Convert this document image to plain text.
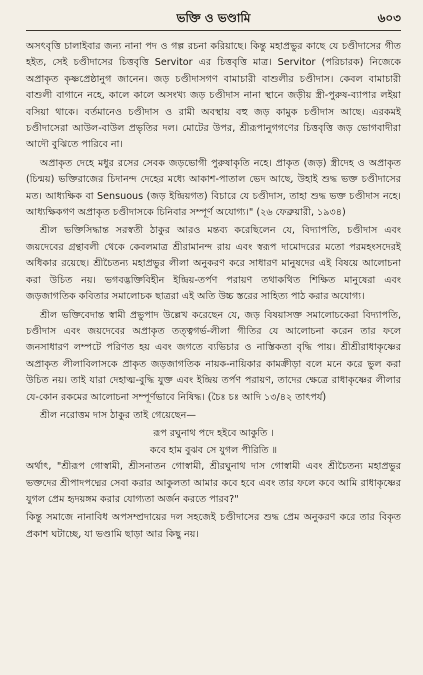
ভক্তি ও ভণ্ডামি	৬০৩

অসৎবৃত্তি চালাইবার জন্য নানা পদ ও গল্প রচনা করিয়াছে। কিন্তু মহাপ্রভুর কাছে যে চণ্ডীদাসের গীত হইত, সেই চণ্ডীদাসের চিত্তবৃত্তি Servitor এর চিত্তবৃত্তি মাত্র। Servitor (পরিচারক) নিজেকে অপ্রাকৃত কৃষ্ণপ্রেষ্ঠানুগ জানেন। জড় চণ্ডীদাসগণ বামাচারী বাশুলীর চণ্ডীদাস। কেবল বামাচারী বাশুলী বাগানে নহে, কালে কালে অসংখ্য জড় চণ্ডীদাস নানা স্থানে জড়ীয় স্ত্রী-পুরুষ-ব্যাপার লইয়া বসিয়া থাকে। বর্তমানেও চণ্ডীদাস ও রামী অবস্থায় বহু জড় কামুক চণ্ডীদাস আছে। এরকমই চণ্ডীদাসেরা আউল-বাউল প্রভৃতির দল। মোটের উপর, শ্রীরূপানুগগণের চিত্তবৃত্তি জড় ভোগবাদীরা আদৌ বুঝিতে পারিবে না।

অপ্রাকৃত দেহে মধুর রসের সেবক জড়ভোগী পুরুষাকৃতি নহে। প্রাকৃত (জড়) স্ত্রীদেহ ও অপ্রাকৃত (চিন্ময়) ভক্তিরাজের চিদানন্দ দেহের মধ্যে আকাশ-পাতাল ভেদ আছে, উহাই শুদ্ধ ভক্ত চণ্ডীদাসের মত। আধ্যক্ষিক বা Sensuous (জড় ইন্দ্রিয়গত) বিচারে যে চণ্ডীদাস, তাহা শুদ্ধ ভক্ত চণ্ডীদাস নহে। আধ্যক্ষিকগণ অপ্রাকৃত চণ্ডীদাসকে চিনিবার সম্পূর্ণ অযোগ্য।" (২৬ ফেব্রুয়ারী, ১৯৩৪)

শ্রীল ভক্তিসিদ্ধান্ত সরস্বতী ঠাকুর আরও মন্তব্য করেছিলেন যে, বিদ্যাপতি, চণ্ডীদাস এবং জয়দেবের গ্রন্থাবলী থেকে কেবলমাত্র শ্রীরামানন্দ রায় এবং স্বরূপ দামোদরের মতো পরমহংসদেরই অধিকার রয়েছে। শ্রীচৈতন্য মহাপ্রভুর লীলা অনুকরণ করে সাধারণ মানুষদের এই বিষয়ে আলোচনা করা উচিত নয়। ভগবদ্ভক্তিবিহীন ইন্দ্রিয়-তর্পণ পরায়ণ তথাকথিত শিক্ষিত মানুষেরা এবং জড়জাগতিক কবিতার সমালোচক ছাত্ররা এই অতি উচ্চ স্তরের সাহিত্য পাঠ করার অযোগ্য।

শ্রীল ভক্তিবেদান্ত স্বামী প্রভুপাদ উল্লেখ করেছেন যে, জড় বিষয়াসক্ত সমালোচকেরা বিদ্যাপতি, চণ্ডীদাস এবং জয়দেবের অপ্রাকৃত তত্ত্বগর্ভ-লীলা গীতির যে আলোচনা করেন তার ফলে জনসাধারণ লম্পটে পরিণত হয় এবং জগতে ব্যভিচার ও নাস্তিকতা বৃদ্ধি পায়। শ্রীশ্রীরাধাকৃষ্ণের অপ্রাকৃত লীলাবিলাসকে প্রাকৃত জড়জাগতিক নায়ক-নায়িকার কামক্রীড়া বলে মনে করে ভুল করা উচিত নয়। তাই যারা দেহাত্ম-বুদ্ধি যুক্ত এবং ইন্দ্রিয় তর্পণ পরায়ণ, তাদের ক্ষেত্রে রাধাকৃষ্ণের লীলার যে-কোন রকমের আলোচনা সম্পূর্ণভাবে নিষিদ্ধ। (চৈঃ চঃ আদি ১৩/৪২ তাৎপর্য)

শ্রীল নরোত্তম দাস ঠাকুর তাই গেয়েছেন—

রূপ রঘুনাথ পদে হইবে আকুতি ।
কবে হাম বুঝব সে যুগল পীরিতি ॥

অর্থাৎ, "শ্রীরূপ গোস্বামী, শ্রীসনাতন গোস্বামী, শ্রীরঘুনাথ দাস গোস্বামী এবং শ্রীচৈতন্য মহাপ্রভুর ভক্তদের শ্রীপাদপদ্মের সেবা করার আকুলতা আমার কবে হবে এবং তার ফলে কবে আমি রাধাকৃষ্ণের যুগল প্রেম হৃদয়ঙ্গম করার যোগ্যতা অর্জন করতে পারব?"

কিন্তু সমাজে নানাবিধ অপসম্প্রদায়ের দল সহজেই চণ্ডীদাসের শুদ্ধ প্রেম অনুকরণ করে তার বিকৃত প্রকাশ ঘটাচ্ছে, যা ভণ্ডামি ছাড়া আর কিছু নয়।
